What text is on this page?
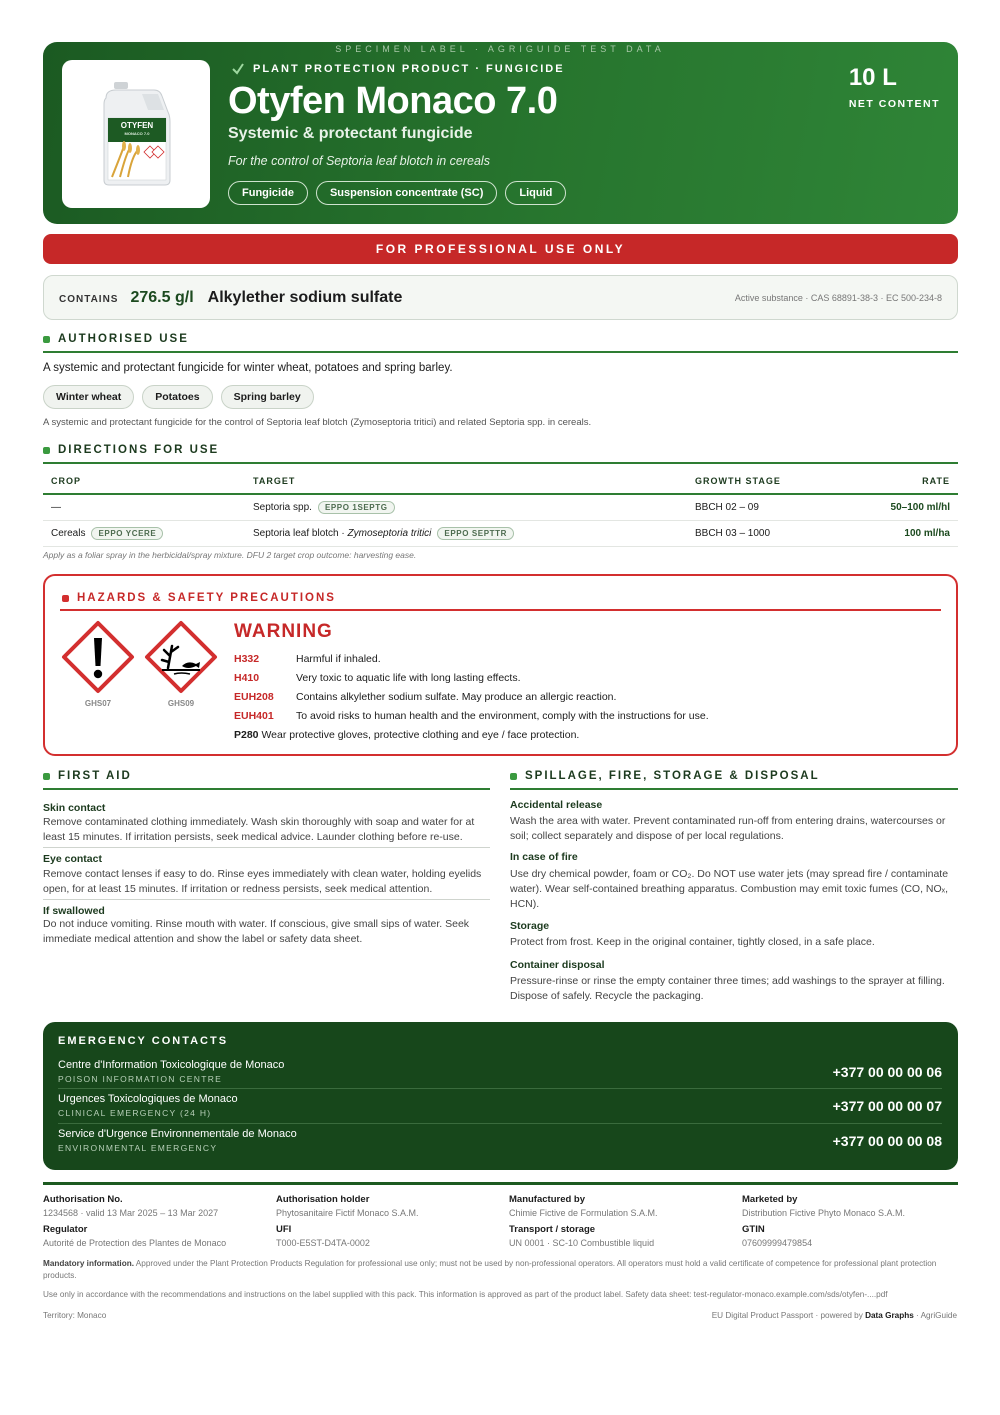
SPECIMEN LABEL · AGRIGUIDE TEST DATA
OTYFEN
MONACO 7.0
PLANT PROTECTION PRODUCT · FUNGICIDE
Otyfen Monaco 7.0
Systemic & protectant fungicide
For the control of Septoria leaf blotch in cereals
Fungicide	Suspension concentrate (SC)	Liquid
10 L
NET CONTENT
FOR PROFESSIONAL USE ONLY
CONTAINS 276.5 g/l Alkylether sodium sulfate	Active substance · CAS 68891-38-3 · EC 500-234-8
AUTHORISED USE
A systemic and protectant fungicide for winter wheat, potatoes and spring barley.
Winter wheat	Potatoes	Spring barley
A systemic and protectant fungicide for the control of Septoria leaf blotch (Zymoseptoria tritici) and related Septoria spp. in cereals.
DIRECTIONS FOR USE
CROP	TARGET	GROWTH STAGE	RATE
—	Septoria spp. EPPO 1SEPTG	BBCH 02 – 09	50–100 ml/hl
Cereals EPPO YCERE	Septoria leaf blotch · Zymoseptoria tritici EPPO SEPTTR	BBCH 03 – 1000	100 ml/ha
Apply as a foliar spray in the herbicidal/spray mixture. DFU 2 target crop outcome: harvesting ease.
HAZARDS & SAFETY PRECAUTIONS
GHS07	GHS09
WARNING
H332	Harmful if inhaled.
H410	Very toxic to aquatic life with long lasting effects.
EUH208	Contains alkylether sodium sulfate. May produce an allergic reaction.
EUH401	To avoid risks to human health and the environment, comply with the instructions for use.
P280 Wear protective gloves, protective clothing and eye / face protection.
FIRST AID
Skin contact
Remove contaminated clothing immediately. Wash skin thoroughly with soap and water for at least 15 minutes. If irritation persists, seek medical advice. Launder clothing before re-use.
Eye contact
Remove contact lenses if easy to do. Rinse eyes immediately with clean water, holding eyelids open, for at least 15 minutes. If irritation or redness persists, seek medical attention.
If swallowed
Do not induce vomiting. Rinse mouth with water. If conscious, give small sips of water. Seek immediate medical attention and show the label or safety data sheet.
SPILLAGE, FIRE, STORAGE & DISPOSAL
Accidental release
Wash the area with water. Prevent contaminated run-off from entering drains, watercourses or soil; collect separately and dispose of per local regulations.
In case of fire
Use dry chemical powder, foam or CO₂. Do NOT use water jets (may spread fire / contaminate water). Wear self-contained breathing apparatus. Combustion may emit toxic fumes (CO, NOₓ, HCN).
Storage
Protect from frost. Keep in the original container, tightly closed, in a safe place.
Container disposal
Pressure-rinse or rinse the empty container three times; add washings to the sprayer at filling. Dispose of safely. Recycle the packaging.
EMERGENCY CONTACTS
Centre d'Information Toxicologique de Monaco
POISON INFORMATION CENTRE	+377 00 00 00 06
Urgences Toxicologiques de Monaco
CLINICAL EMERGENCY (24 H)	+377 00 00 00 07
Service d'Urgence Environnementale de Monaco
ENVIRONMENTAL EMERGENCY	+377 00 00 00 08
Authorisation No.
1234568 · valid 13 Mar 2025 – 13 Mar 2027
Authorisation holder
Phytosanitaire Fictif Monaco S.A.M.
Manufactured by
Chimie Fictive de Formulation S.A.M.
Marketed by
Distribution Fictive Phyto Monaco S.A.M.
Regulator
Autorité de Protection des Plantes de Monaco
UFI
T000-E5ST-D4TA-0002
Transport / storage
UN 0001 · SC-10 Combustible liquid
GTIN
07609999479854
Mandatory information. Approved under the Plant Protection Products Regulation for professional use only; must not be used by non-professional operators. All operators must hold a valid certificate of competence for professional plant protection products.
Use only in accordance with the recommendations and instructions on the label supplied with this pack. This information is approved as part of the product label. Safety data sheet: test-regulator-monaco.example.com/sds/otyfen-....pdf
Territory: Monaco	EU Digital Product Passport · powered by Data Graphs · AgriGuide
